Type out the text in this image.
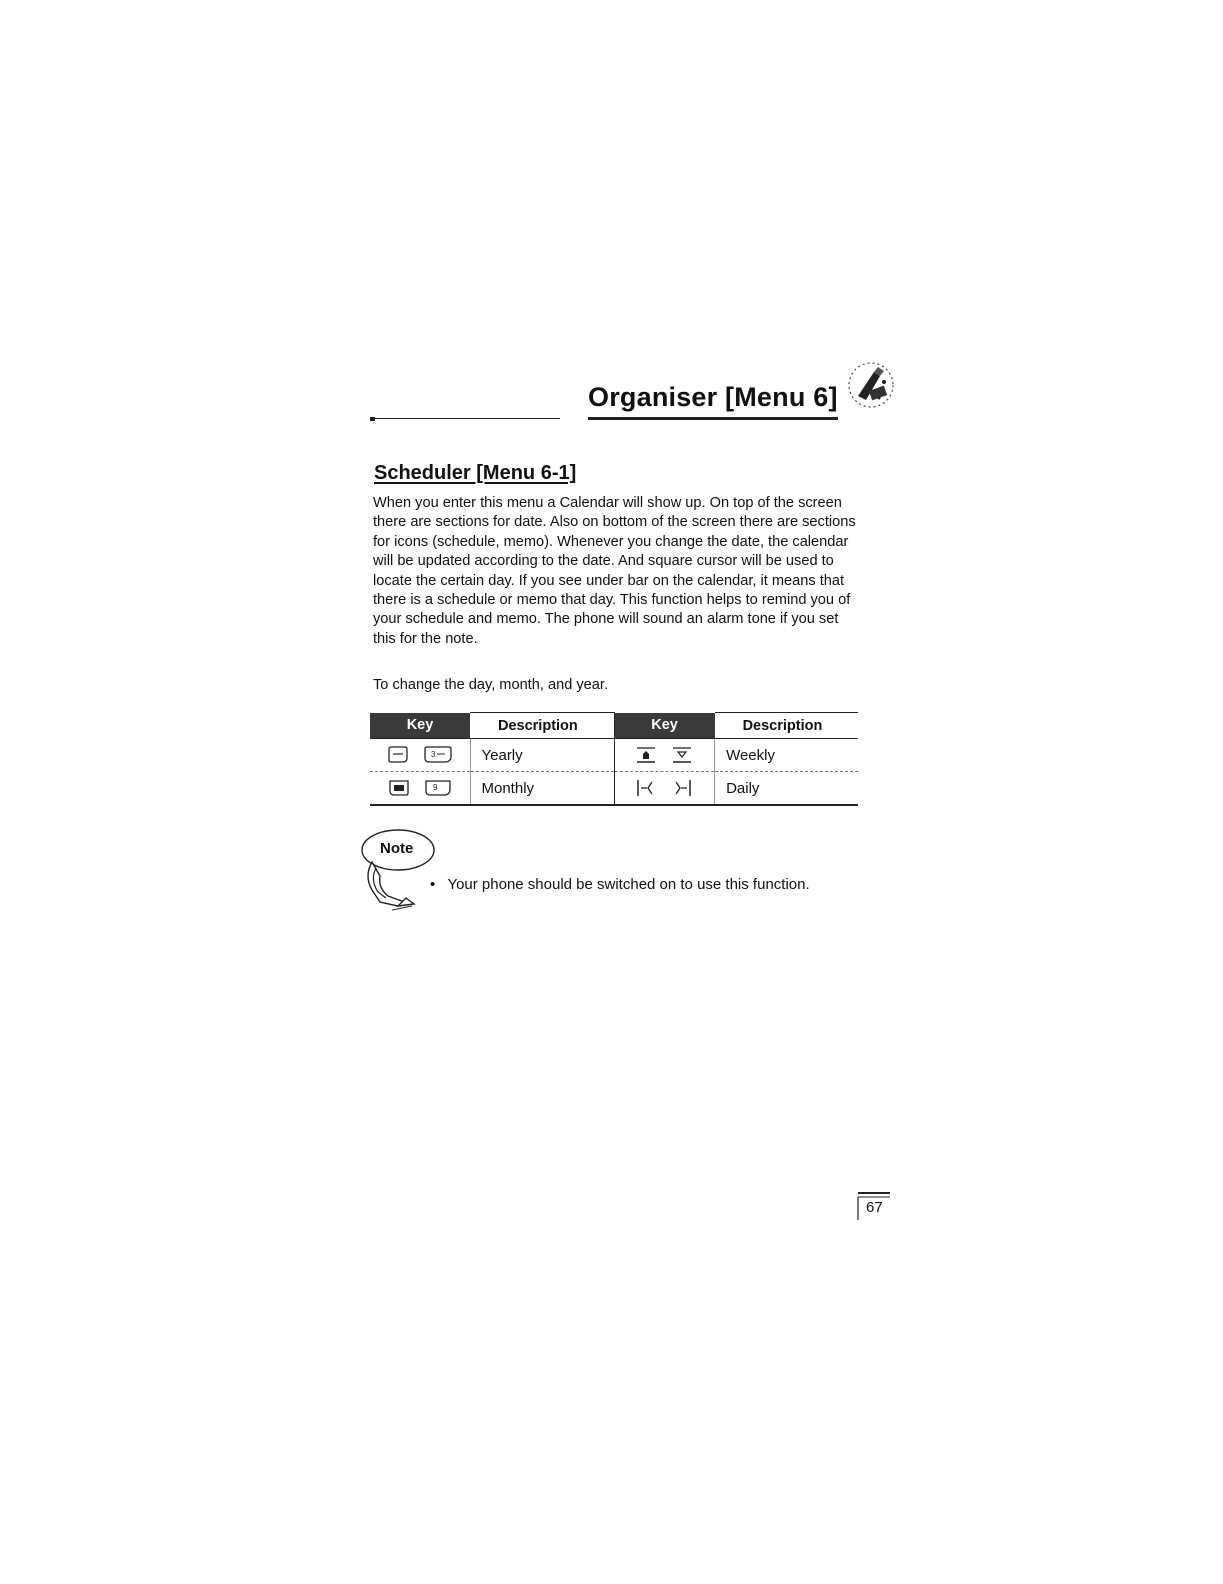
Organiser [Menu 6]
Scheduler [Menu 6-1]

When you enter this menu a Calendar will show up. On top of the screen there are sections for date. Also on bottom of the screen there are sections for icons (schedule, memo). Whenever you change the date, the calendar will be updated according to the date. And square cursor will be used to locate the certain day. If you see under bar on the calendar, it means that there is a schedule or memo that day. This function helps to remind you of your schedule and memo. The phone will sound an alarm tone if you set this for the note.

To change the day, month, and year.

Key	Description	Key	Description

3	Yearly		Weekly

9	Monthly		Daily
Note
• Your phone should be switched on to use this function.
67
